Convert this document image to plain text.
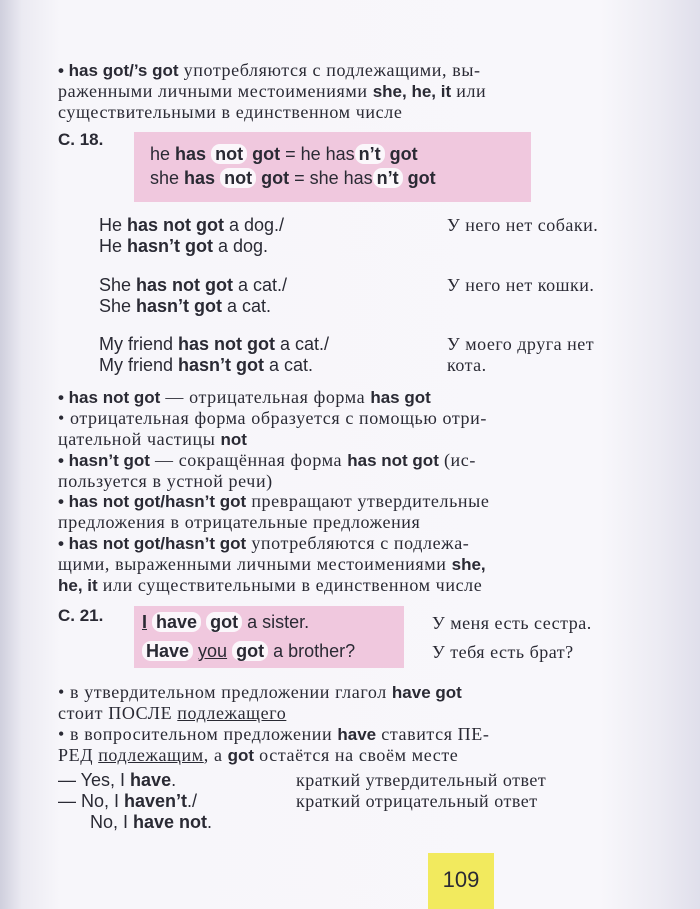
• has got/’s got употребляются с подлежащими, вы-
раженными личными местоимениями she, he, it или
существительными в единственном числе
С. 18.
he has not got = he has n’t got
she has not got = she has n’t got
He has not got a dog./
He hasn’t got a dog.
У него нет собаки.
She has not got a cat./
She hasn’t got a cat.
У него нет кошки.
My friend has not got a cat./
My friend hasn’t got a cat.
У моего друга нет
кота.
• has not got — отрицательная форма has got
• отрицательная форма образуется с помощью отри-
цательной частицы not
• hasn’t got — сокращённая форма has not got (ис-
пользуется в устной речи)
• has not got/hasn’t got превращают утвердительные
предложения в отрицательные предложения
• has not got/hasn’t got употребляются с подлежа-
щими, выраженными личными местоимениями she,
he, it или существительными в единственном числе
С. 21. I have got a sister.
Have you got a brother?
У меня есть сестра.
У тебя есть брат?
• в утвердительном предложении глагол have got
стоит ПОСЛЕ подлежащего
• в вопросительном предложении have ставится ПЕ-
РЕД подлежащим, а got остаётся на своём месте
— Yes, I have.	краткий утвердительный ответ
— No, I haven’t./	краткий отрицательный ответ
No, I have not.
109
